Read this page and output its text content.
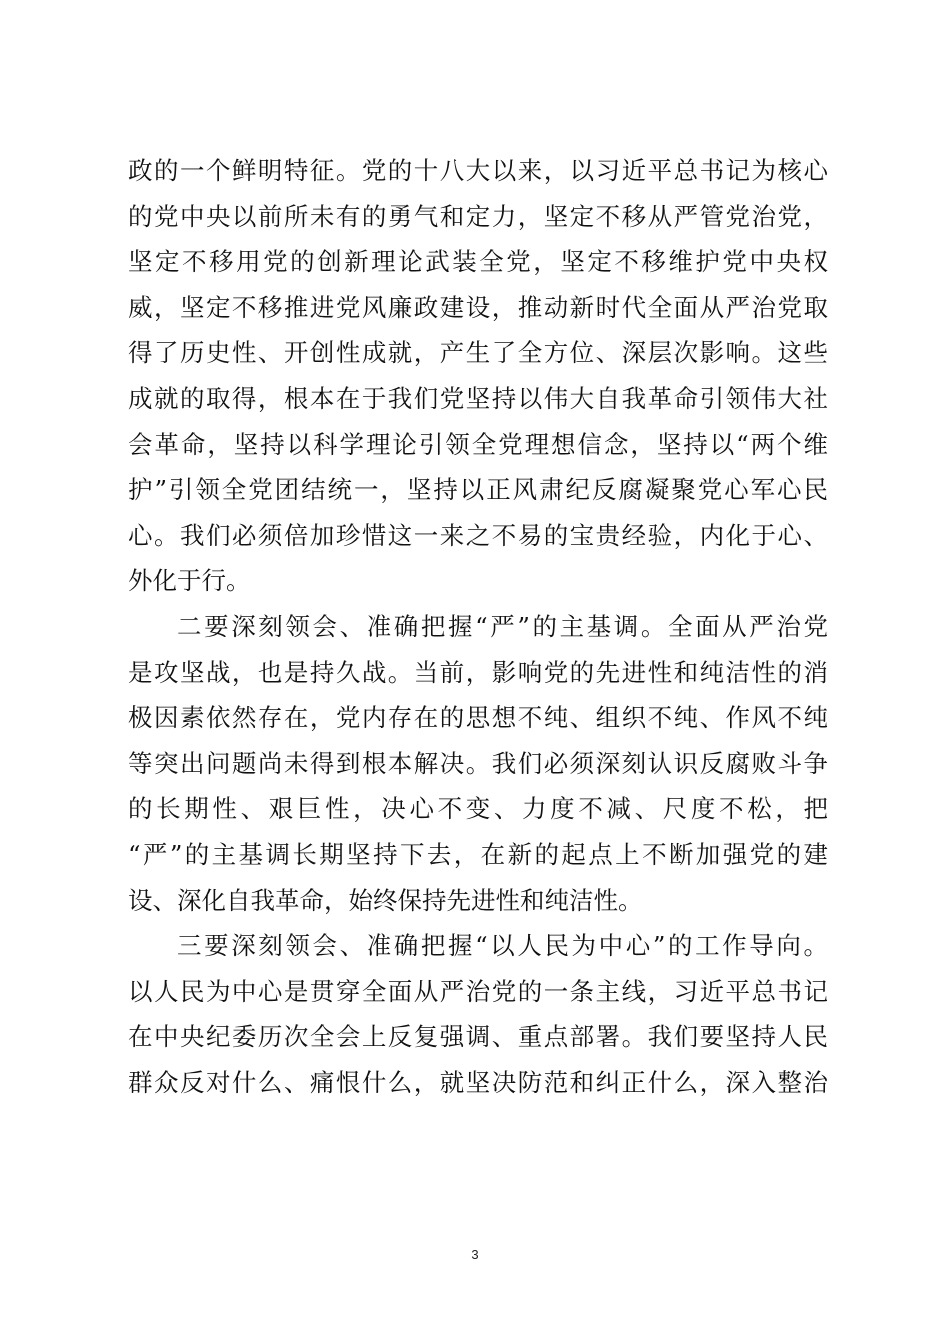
政的一个鲜明特征。党的十八大以来，以习近平总书记为核心
的党中央以前所未有的勇气和定力，坚定不移从严管党治党，
坚定不移用党的创新理论武装全党，坚定不移维护党中央权
威，坚定不移推进党风廉政建设，推动新时代全面从严治党取
得了历史性、开创性成就，产生了全方位、深层次影响。这些
成就的取得，根本在于我们党坚持以伟大自我革命引领伟大社
会革命，坚持以科学理论引领全党理想信念，坚持以“两个维
护”引领全党团结统一，坚持以正风肃纪反腐凝聚党心军心民
心。我们必须倍加珍惜这一来之不易的宝贵经验，内化于心、
外化于行。
二要深刻领会、准确把握“严”的主基调。全面从严治党
是攻坚战，也是持久战。当前，影响党的先进性和纯洁性的消
极因素依然存在，党内存在的思想不纯、组织不纯、作风不纯
等突出问题尚未得到根本解决。我们必须深刻认识反腐败斗争
的长期性、艰巨性，决心不变、力度不减、尺度不松，把
“严”的主基调长期坚持下去，在新的起点上不断加强党的建
设、深化自我革命，始终保持先进性和纯洁性。
三要深刻领会、准确把握“以人民为中心”的工作导向。
以人民为中心是贯穿全面从严治党的一条主线，习近平总书记
在中央纪委历次全会上反复强调、重点部署。我们要坚持人民
群众反对什么、痛恨什么，就坚决防范和纠正什么，深入整治
3
